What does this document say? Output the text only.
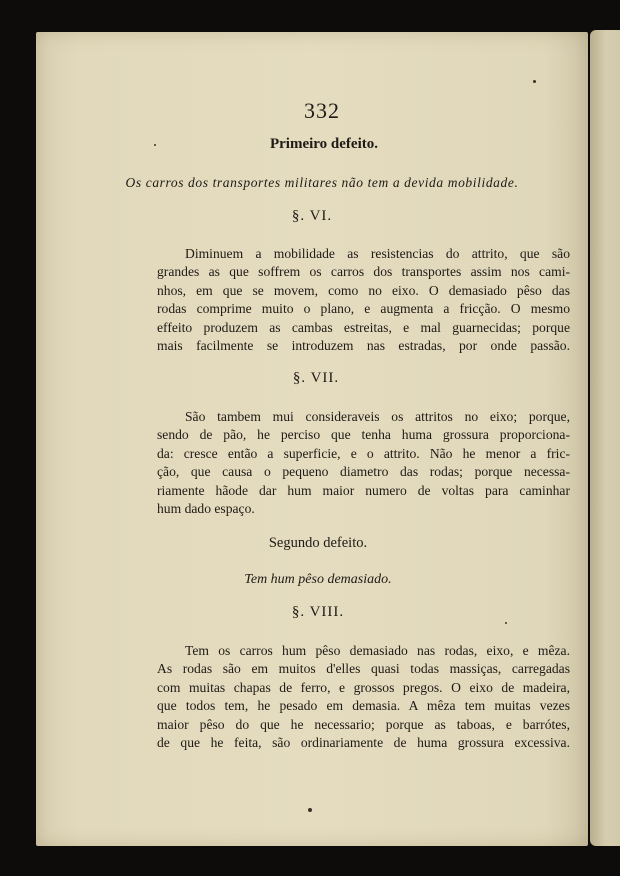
332
Primeiro defeito.
Os carros dos transportes militares não tem a devida mobilidade.
§. VI.
Diminuem a mobilidade as resistencias do attrito, que são
grandes as que soffrem os carros dos transportes assim nos cami-
nhos, em que se movem, como no eixo. O demasiado pêso das
rodas comprime muito o plano, e augmenta a fricção. O mesmo
effeito produzem as cambas estreitas, e mal guarnecidas; porque
mais facilmente se introduzem nas estradas, por onde passão.
§. VII.
São tambem mui consideraveis os attritos no eixo; porque,
sendo de pão, he perciso que tenha huma grossura proporciona-
da: cresce então a superficie, e o attrito. Não he menor a fric-
ção, que causa o pequeno diametro das rodas; porque necessa-
riamente hãode dar hum maior numero de voltas para caminhar
hum dado espaço.
Segundo defeito.
Tem hum pêso demasiado.
§. VIII.
Tem os carros hum pêso demasiado nas rodas, eixo, e mêza.
As rodas são em muitos d'elles quasi todas massiças, carregadas
com muitas chapas de ferro, e grossos pregos. O eixo de madeira,
que todos tem, he pesado em demasia. A mêza tem muitas vezes
maior pêso do que he necessario; porque as taboas, e barrótes,
de que he feita, são ordinariamente de huma grossura excessiva.
